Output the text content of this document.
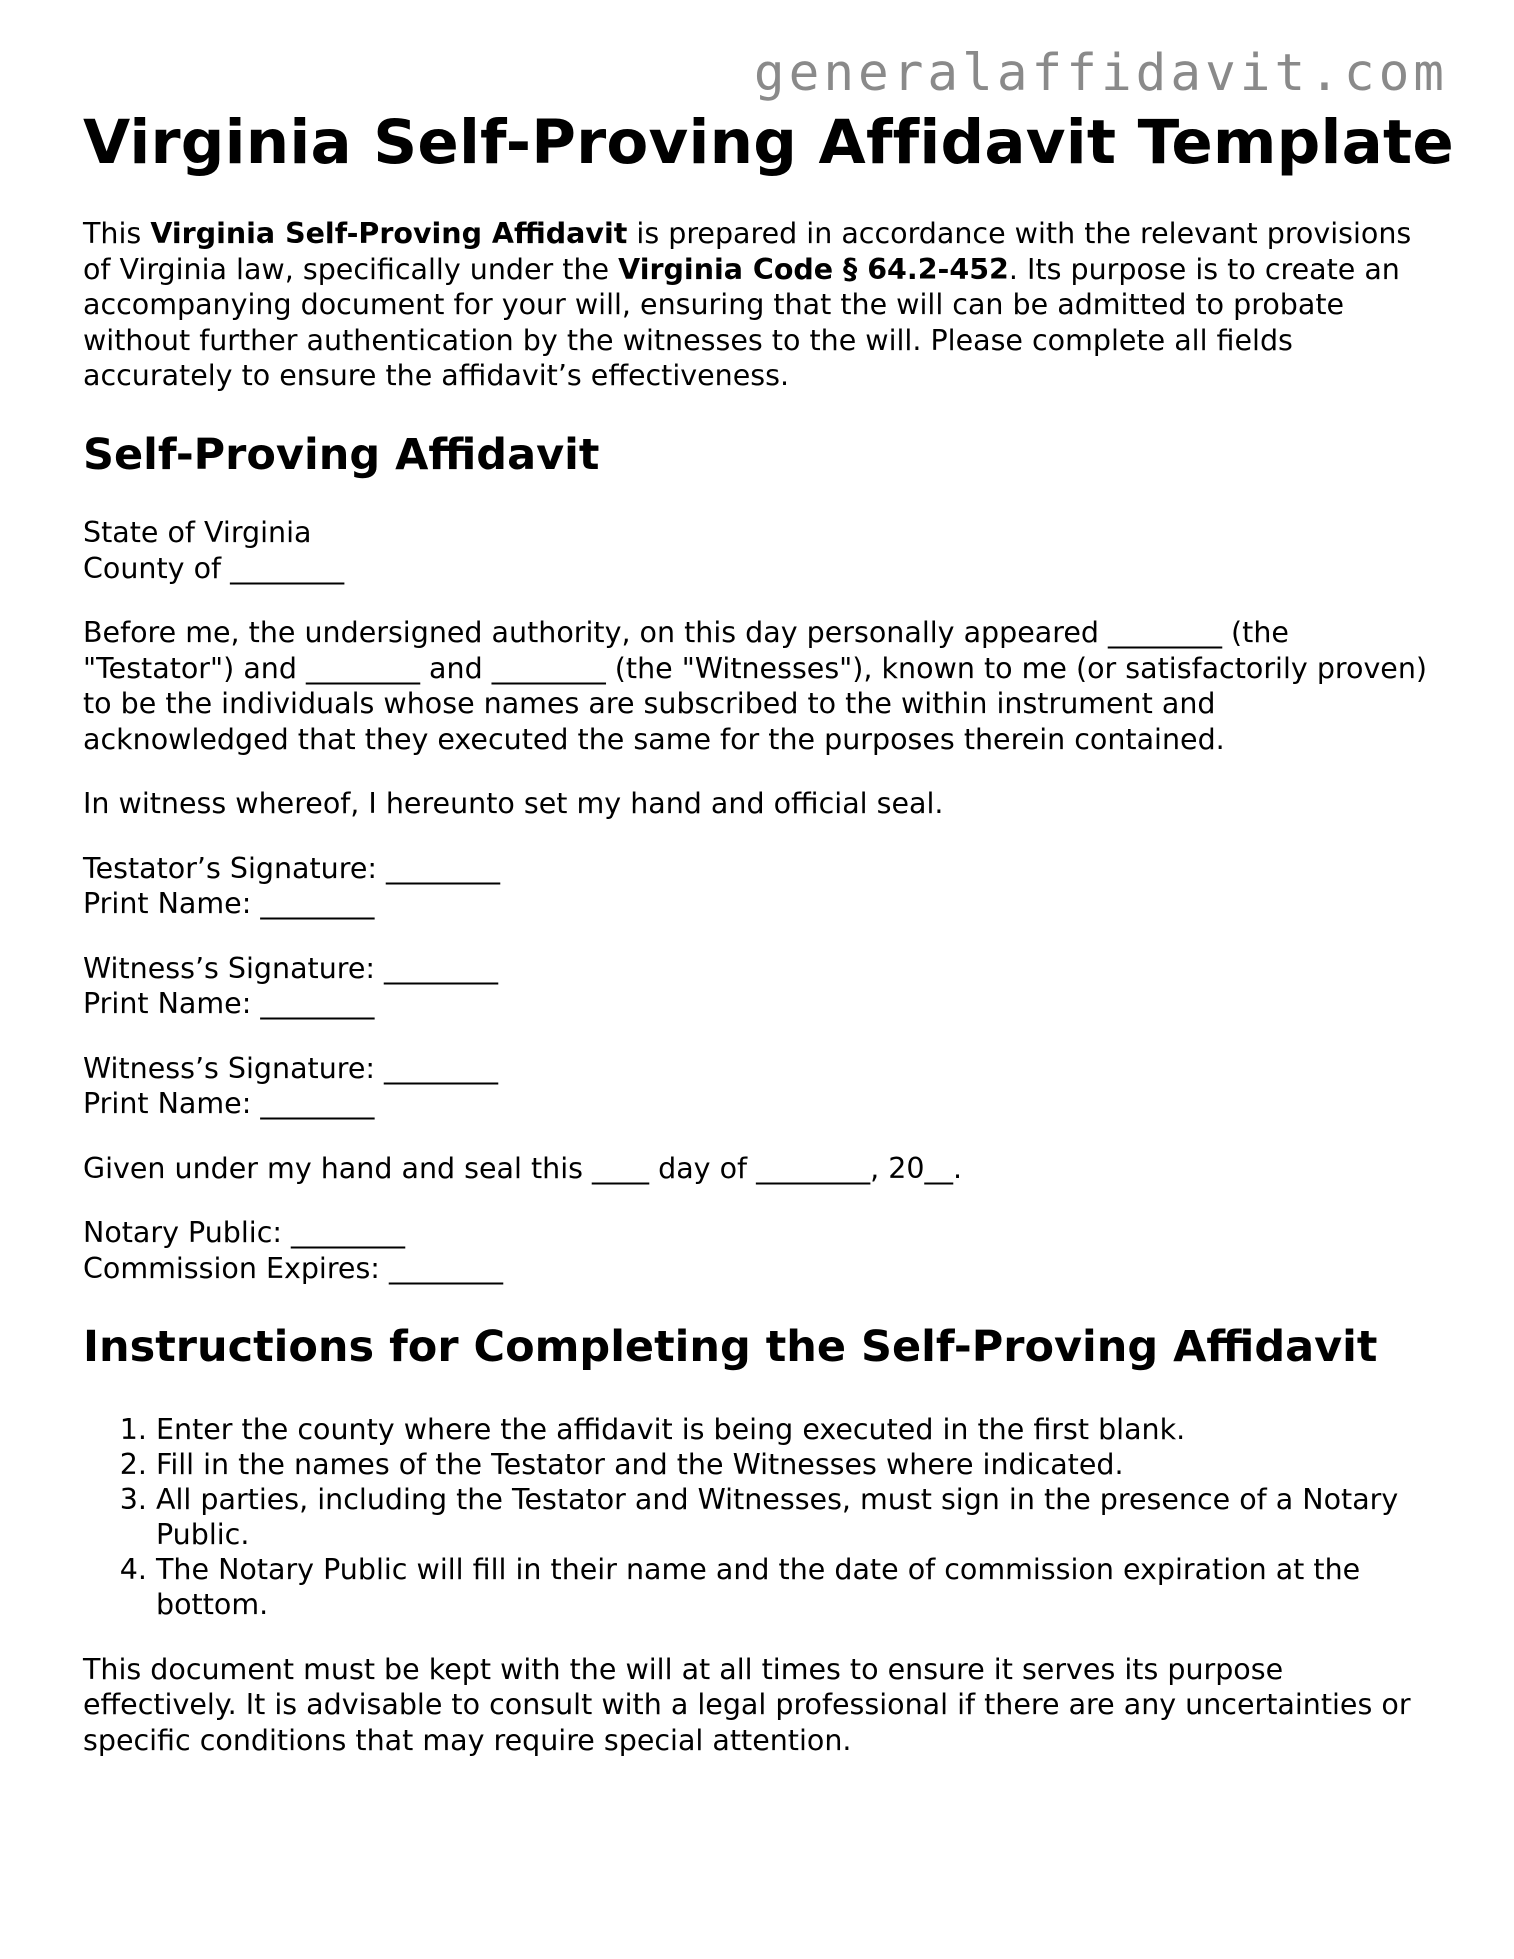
generalaffidavit.com
Virginia Self-Proving Affidavit Template

This Virginia Self-Proving Affidavit is prepared in accordance with the relevant provisions of Virginia law, specifically under the Virginia Code § 64.2-452. Its purpose is to create an accompanying document for your will, ensuring that the will can be admitted to probate without further authentication by the witnesses to the will. Please complete all fields accurately to ensure the affidavit’s effectiveness.

Self-Proving Affidavit

State of Virginia
County of ________

Before me, the undersigned authority, on this day personally appeared ________ (the "Testator") and ________ and ________ (the "Witnesses"), known to me (or satisfactorily proven) to be the individuals whose names are subscribed to the within instrument and acknowledged that they executed the same for the purposes therein contained.

In witness whereof, I hereunto set my hand and official seal.

Testator’s Signature: ________
Print Name: ________

Witness’s Signature: ________
Print Name: ________

Witness’s Signature: ________
Print Name: ________

Given under my hand and seal this ____ day of ________, 20__.

Notary Public: ________
Commission Expires: ________

Instructions for Completing the Self-Proving Affidavit
1. Enter the county where the affidavit is being executed in the first blank.
2. Fill in the names of the Testator and the Witnesses where indicated.
3. All parties, including the Testator and Witnesses, must sign in the presence of a Notary Public.
4. The Notary Public will fill in their name and the date of commission expiration at the bottom.

This document must be kept with the will at all times to ensure it serves its purpose effectively. It is advisable to consult with a legal professional if there are any uncertainties or specific conditions that may require special attention.
